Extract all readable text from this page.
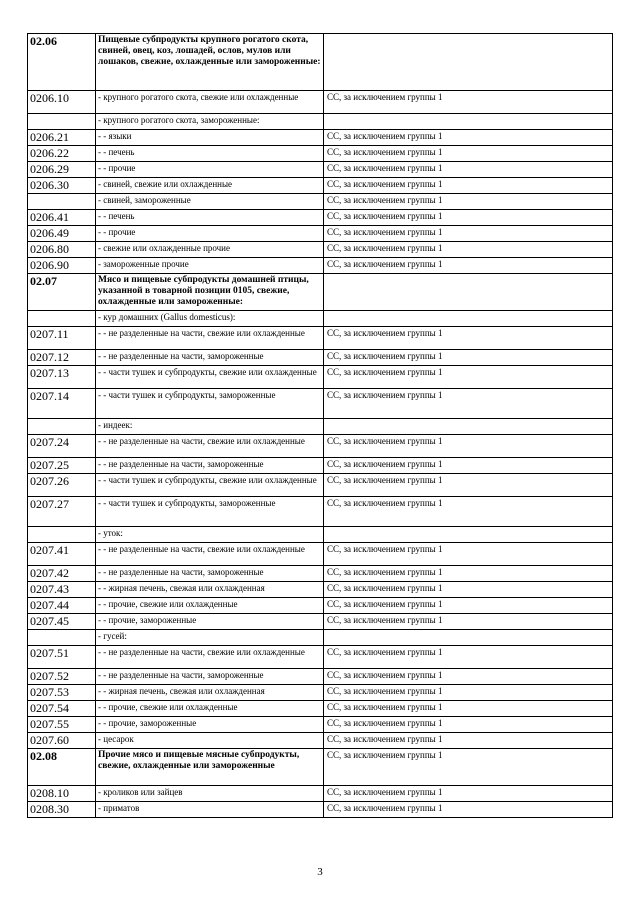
02.06	Пищевые субпродукты крупного рогатого скота, свиней, овец, коз, лошадей, ослов, мулов или лошаков, свежие, охлажденные или замороженные:	
0206.10	- крупного рогатого скота, свежие или охлажденные	СС, за исключением группы 1
	- крупного рогатого скота, замороженные:	
0206.21	- - языки	СС, за исключением группы 1
0206.22	- - печень	СС, за исключением группы 1
0206.29	- - прочие	СС, за исключением группы 1
0206.30	- свиней, свежие или охлажденные	СС, за исключением группы 1
	- свиней, замороженные	СС, за исключением группы 1
0206.41	- - печень	СС, за исключением группы 1
0206.49	- - прочие	СС, за исключением группы 1
0206.80	- свежие или охлажденные прочие	СС, за исключением группы 1
0206.90	- замороженные прочие	СС, за исключением группы 1
02.07	Мясо и пищевые субпродукты домашней птицы, указанной в товарной позиции 0105, свежие, охлажденные или замороженные:	
	- кур домашних (Gallus domesticus):	
0207.11	- - не разделенные на части, свежие или охлажденные	СС, за исключением группы 1
0207.12	- - не разделенные на части, замороженные	СС, за исключением группы 1
0207.13	- - части тушек и субпродукты, свежие или охлажденные	СС, за исключением группы 1
0207.14	- - части тушек и субпродукты, замороженные	СС, за исключением группы 1
	- индеек:	
0207.24	- - не разделенные на части, свежие или охлажденные	СС, за исключением группы 1
0207.25	- - не разделенные на части, замороженные	СС, за исключением группы 1
0207.26	- - части тушек и субпродукты, свежие или охлажденные	СС, за исключением группы 1
0207.27	- - части тушек и субпродукты, замороженные	СС, за исключением группы 1
	- уток:	
0207.41	- - не разделенные на части, свежие или охлажденные	СС, за исключением группы 1
0207.42	- - не разделенные на части, замороженные	СС, за исключением группы 1
0207.43	- - жирная печень, свежая или охлажденная	СС, за исключением группы 1
0207.44	- - прочие, свежие или охлажденные	СС, за исключением группы 1
0207.45	- - прочие, замороженные	СС, за исключением группы 1
	- гусей:	
0207.51	- - не разделенные на части, свежие или охлажденные	СС, за исключением группы 1
0207.52	- - не разделенные на части, замороженные	СС, за исключением группы 1
0207.53	- - жирная печень, свежая или охлажденная	СС, за исключением группы 1
0207.54	- - прочие, свежие или охлажденные	СС, за исключением группы 1
0207.55	- - прочие, замороженные	СС, за исключением группы 1
0207.60	- цесарок	СС, за исключением группы 1
02.08	Прочие мясо и пищевые мясные субпродукты, свежие, охлажденные или замороженные	СС, за исключением группы 1
0208.10	- кроликов или зайцев	СС, за исключением группы 1
0208.30	- приматов	СС, за исключением группы 1
3
